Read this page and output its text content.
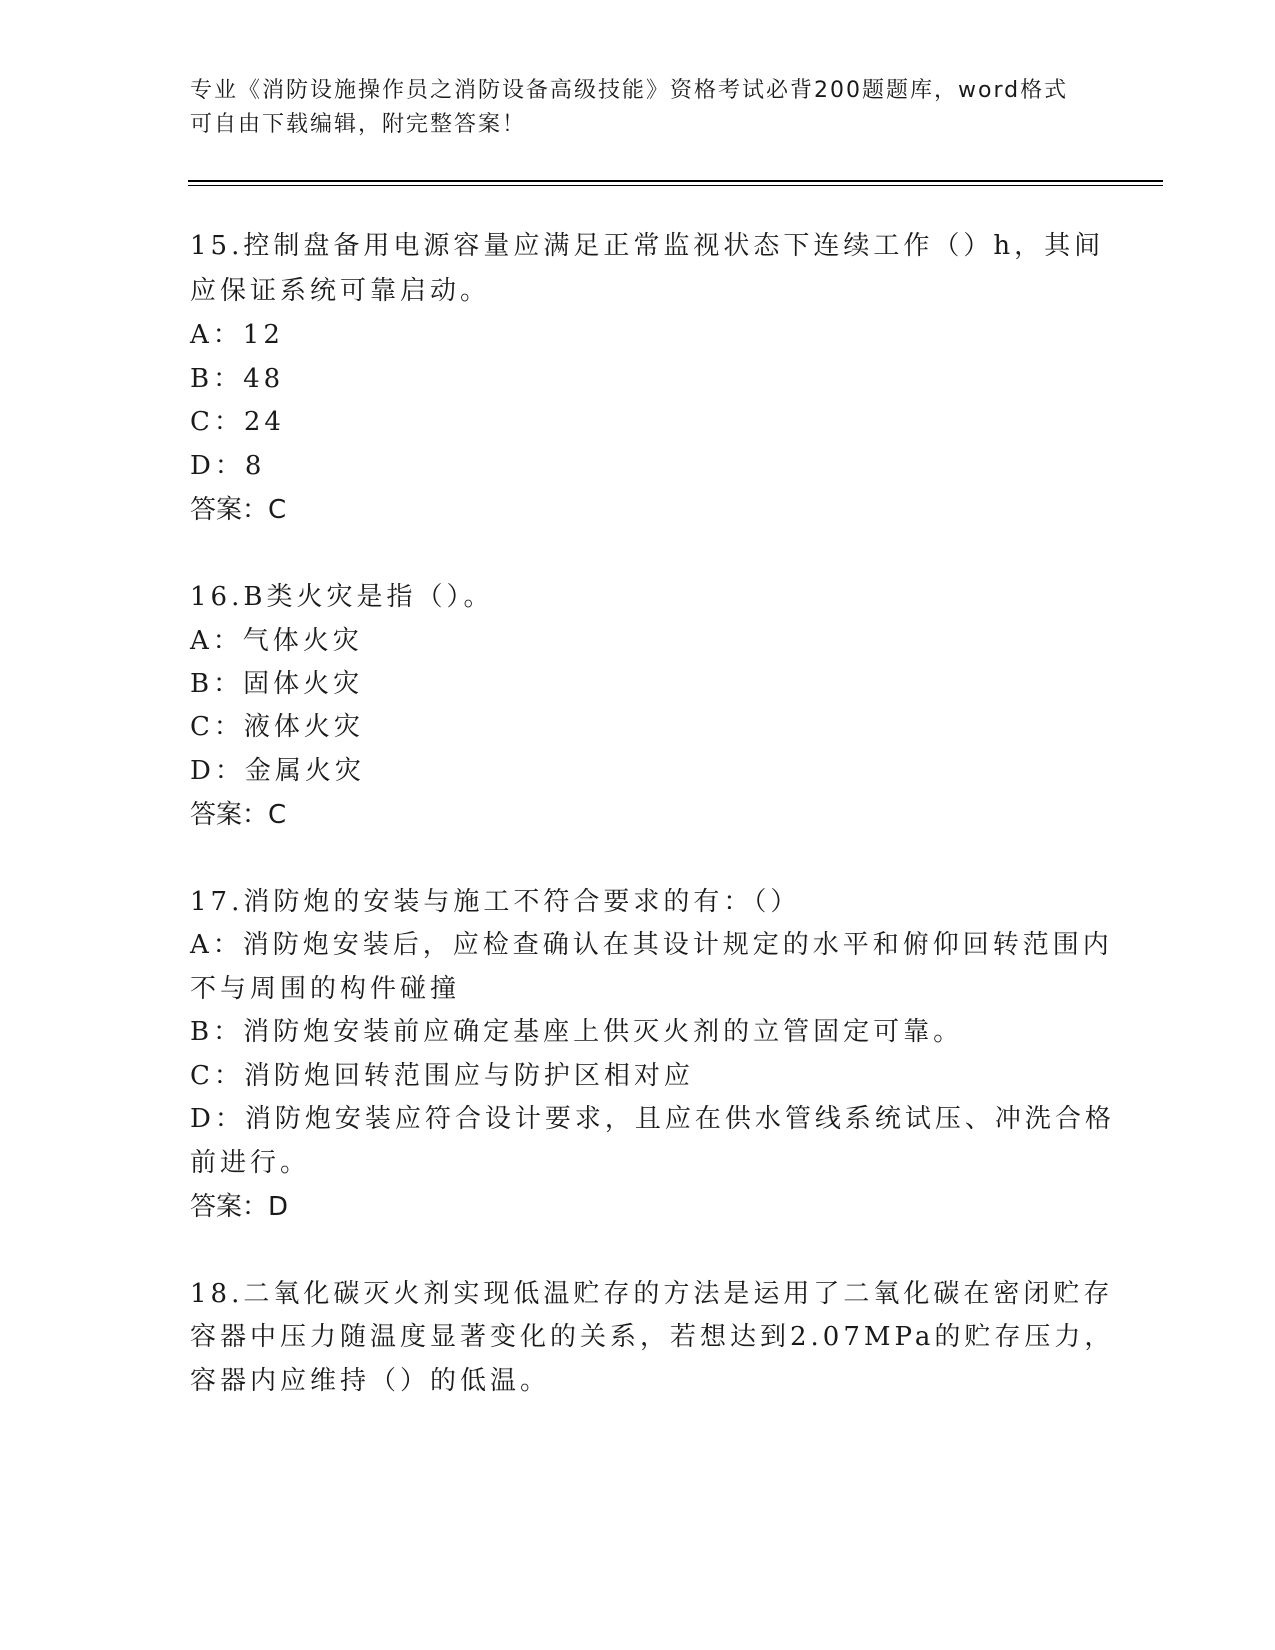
专业《消防设施操作员之消防设备高级技能》资格考试必背200题题库，word格式可自由下载编辑，附完整答案！
15.控制盘备用电源容量应满足正常监视状态下连续工作（）h，其间
应保证系统可靠启动。
A：12
B：48
C：24
D：8
答案：C
16.B类火灾是指（）。
A：气体火灾
B：固体火灾
C：液体火灾
D：金属火灾
答案：C
17.消防炮的安装与施工不符合要求的有：（）
A：消防炮安装后，应检查确认在其设计规定的水平和俯仰回转范围内
不与周围的构件碰撞
B：消防炮安装前应确定基座上供灭火剂的立管固定可靠。
C：消防炮回转范围应与防护区相对应
D：消防炮安装应符合设计要求，且应在供水管线系统试压、冲洗合格
前进行。
答案：D
18.二氧化碳灭火剂实现低温贮存的方法是运用了二氧化碳在密闭贮存
容器中压力随温度显著变化的关系，若想达到2.07MPa的贮存压力，
容器内应维持（）的低温。
